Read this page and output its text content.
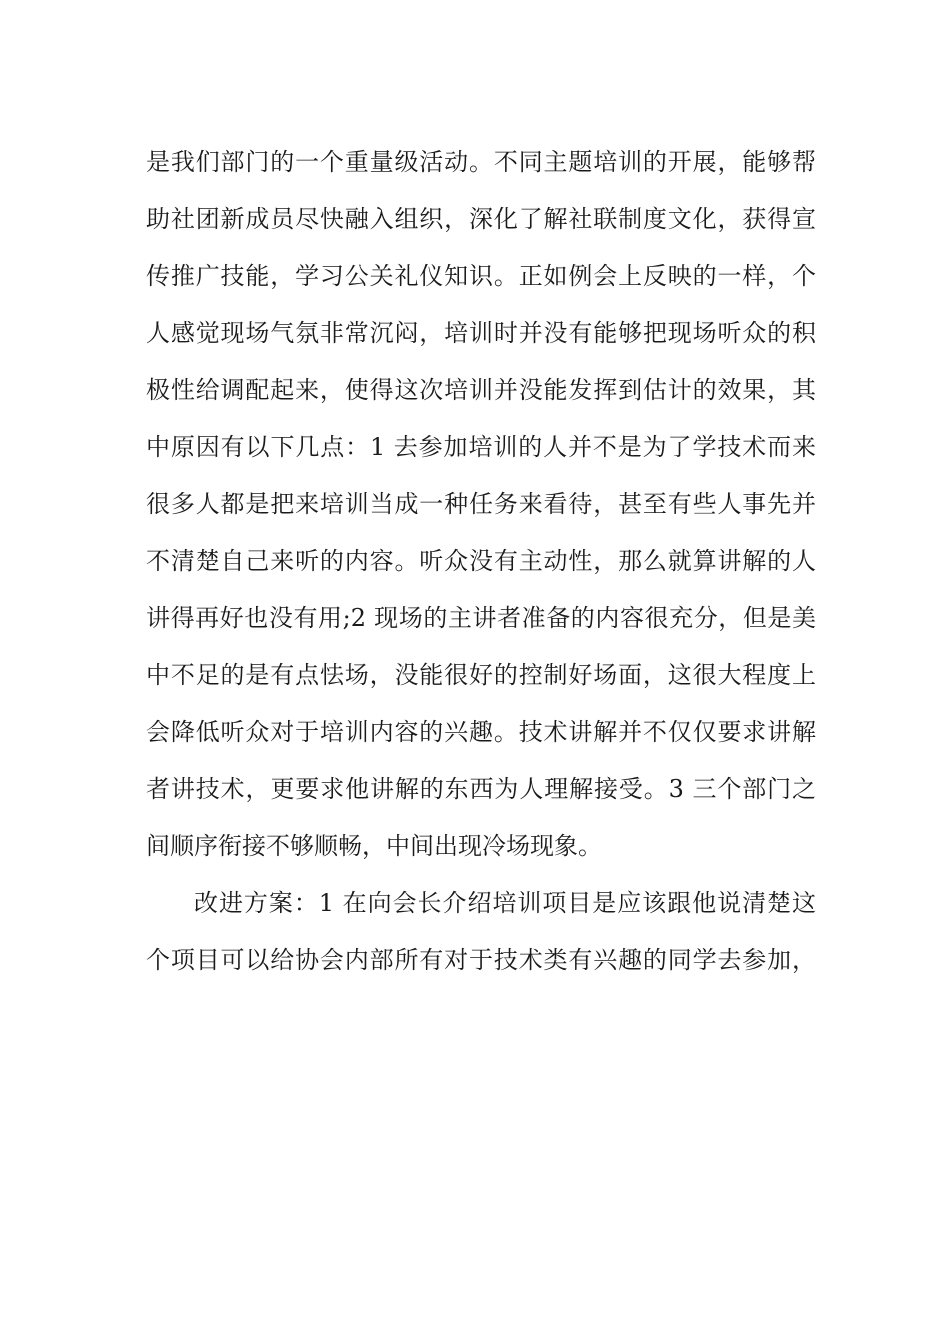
是我们部门的一个重量级活动。不同主题培训的开展，能够帮
助社团新成员尽快融入组织，深化了解社联制度文化，获得宣
传推广技能，学习公关礼仪知识。正如例会上反映的一样，个
人感觉现场气氛非常沉闷，培训时并没有能够把现场听众的积
极性给调配起来，使得这次培训并没能发挥到估计的效果，其
中原因有以下几点：1 去参加培训的人并不是为了学技术而来
很多人都是把来培训当成一种任务来看待，甚至有些人事先并
不清楚自己来听的内容。听众没有主动性，那么就算讲解的人
讲得再好也没有用;2 现场的主讲者准备的内容很充分，但是美
中不足的是有点怯场，没能很好的控制好场面，这很大程度上
会降低听众对于培训内容的兴趣。技术讲解并不仅仅要求讲解
者讲技术，更要求他讲解的东西为人理解接受。3 三个部门之
间顺序衔接不够顺畅，中间出现冷场现象。
改进方案：1 在向会长介绍培训项目是应该跟他说清楚这
个项目可以给协会内部所有对于技术类有兴趣的同学去参加，
